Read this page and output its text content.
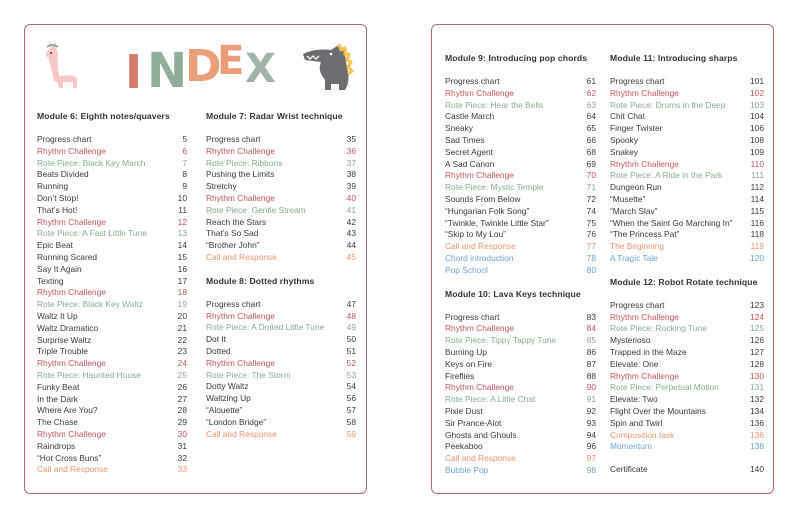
I N
D
E X
Module 6: Eighth notes/quavers
Progress chart	5
Rhythm Challenge	6
Rote Piece: Black Key March	7
Beats Divided	8
Running	9
Don’t Stop!	10
That’s Hot!	11
Rhythm Challenge	12
Rote Piece: A Fast Little Tune	13
Epic Beat	14
Running Scared	15
Say It Again	16
Texting	17
Rhythm Challenge	18
Rote Piece: Black Key Waltz	19
Waltz It Up	20
Waltz Dramatico	21
Surprise Waltz	22
Triple Trouble	23
Rhythm Challenge	24
Rote Piece: Haunted House	25
Funky Beat	26
In the Dark	27
Where Are You?	28
The Chase	29
Rhythm Challenge	30
Raindrops	31
“Hot Cross Buns”	32
Call and Response	33
Module 7: Radar Wrist technique
Progress chart	35
Rhythm Challenge	36
Rote Piece: Ribbons	37
Pushing the Limits	38
Stretchy	39
Rhythm Challenge	40
Rote Piece: Gentle Stream	41
Reach the Stars	42
That’s So Sad	43
“Brother John”	44
Call and Response	45
Module 8: Dotted rhythms
Progress chart	47
Rhythm Challenge	48
Rote Piece: A Dotted Little Tune	49
Dot It	50
Dotted	51
Rhythm Challenge	52
Rote Piece: The Storm	53
Dotty Waltz	54
Waltzing Up	56
“Alouette”	57
“London Bridge”	58
Call and Response	59
Module 9: Introducing pop chords
Progress chart	61
Rhythm Challenge	62
Rote Piece: Hear the Bells	63
Castle March	64
Sneaky	65
Sad Times	66
Secret Agent	68
A Sad Canon	69
Rhythm Challenge	70
Rote Piece: Mystic Temple	71
Sounds From Below	72
“Hungarian Folk Song”	74
“Twinkle, Twinkle Little Star”	75
“Skip to My Lou”	76
Call and Response	77
Chord introduction	78
Pop School	80
Module 10: Lava Keys technique
Progress chart	83
Rhythm Challenge	84
Rote Piece: Tippy Tappy Tune	85
Burning Up	86
Keys on Fire	87
Fireflies	88
Rhythm Challenge	90
Rote Piece: A Little Chat	91
Pixie Dust	92
Sir Prance-Alot	93
Ghosts and Ghouls	94
Peekaboo	96
Call and Response	97
Bubble Pop	98
Module 11: Introducing sharps
Progress chart	101
Rhythm Challenge	102
Rote Piece: Drums in the Deep	103
Chit Chat	104
Finger Twister	106
Spooky	108
Snakey	109
Rhythm Challenge	110
Rote Piece: A Ride in the Park	111
Dungeon Run	112
“Musette”	114
“March Slav”	115
“When the Saint Go Marching In” 116
“The Princess Pat”	118
The Beginning	119
A Tragic Tale	120
Module 12: Robot Rotate technique
Progress chart	123
Rhythm Challenge	124
Rote Piece: Rocking Tune	125
Mysterioso	126
Trapped in the Maze	127
Elevate: One	128
Rhythm Challenge	130
Rote Piece: Perpetual Motion	131
Elevate: Two	132
Flight Over the Mountains	134
Spin and Twirl	136
Composition task	136
Momentum	138
Certificate	140
